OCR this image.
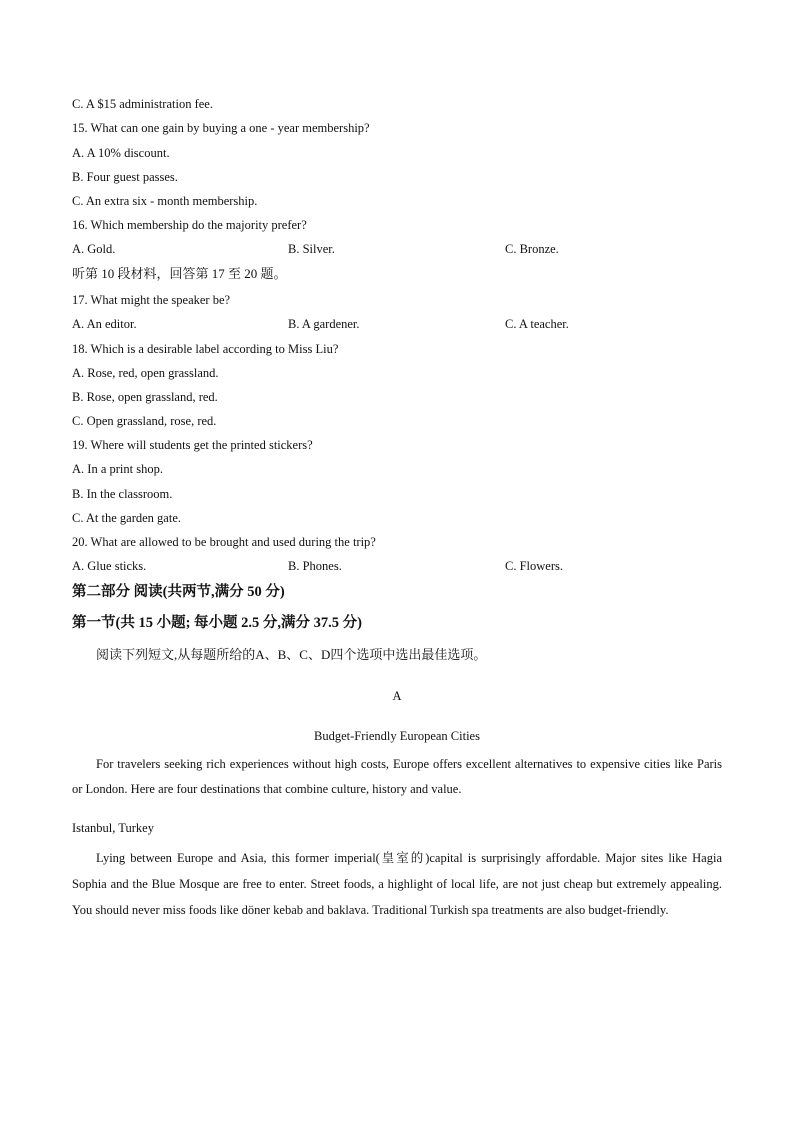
C. A $15 administration fee.
15. What can one gain by buying a one - year membership?
A. A 10% discount.
B. Four guest passes.
C. An extra six - month membership.
16. Which membership do the majority prefer?
A. Gold.	B. Silver.	C. Bronze.
听第 10 段材料，回答第 17 至 20 题。
17. What might the speaker be?
A. An editor.	B. A gardener.	C. A teacher.
18. Which is a desirable label according to Miss Liu?
A. Rose, red, open grassland.
B. Rose, open grassland, red.
C. Open grassland, rose, red.
19. Where will students get the printed stickers?
A. In a print shop.
B. In the classroom.
C. At the garden gate.
20. What are allowed to be brought and used during the trip?
A. Glue sticks.	B. Phones.	C. Flowers.
第二部分 阅读(共两节,满分 50 分)
第一节(共 15 小题; 每小题 2.5 分,满分 37.5 分)
阅读下列短文,从每题所给的A、B、C、D四个选项中选出最佳选项。
A
Budget-Friendly European Cities
For travelers seeking rich experiences without high costs, Europe offers excellent alternatives to expensive cities like Paris or London. Here are four destinations that combine culture, history and value.
Istanbul, Turkey
Lying between Europe and Asia, this former imperial(皇室的)capital is surprisingly affordable. Major sites like Hagia Sophia and the Blue Mosque are free to enter. Street foods, a highlight of local life, are not just cheap but extremely appealing. You should never miss foods like döner kebab and baklava. Traditional Turkish spa treatments are also budget-friendly.
